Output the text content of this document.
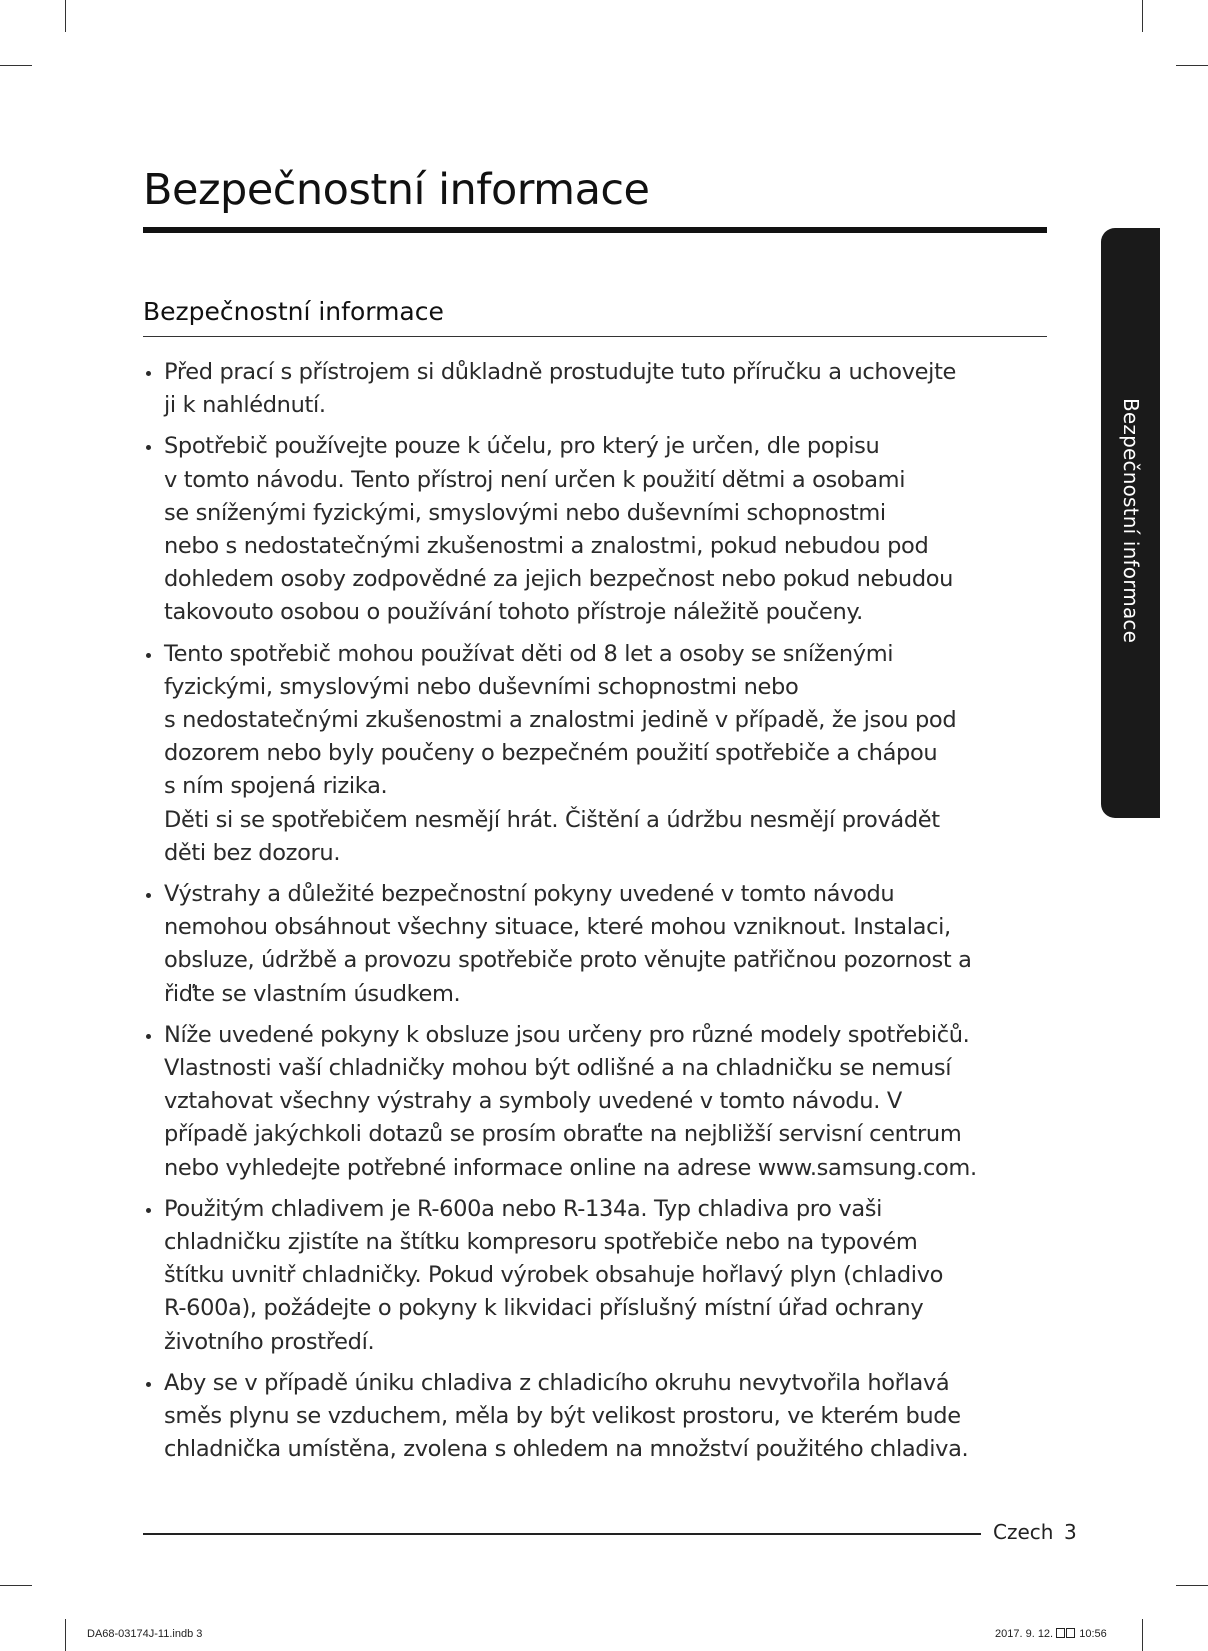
Bezpečnostní informace
Bezpečnostní informace
Před prací s přístrojem si důkladně prostudujte tuto příručku a uchovejte
ji k nahlédnutí.
Spotřebič používejte pouze k účelu, pro který je určen, dle popisu
v tomto návodu. Tento přístroj není určen k použití dětmi a osobami
se sníženými fyzickými, smyslovými nebo duševními schopnostmi
nebo s nedostatečnými zkušenostmi a znalostmi, pokud nebudou pod
dohledem osoby zodpovědné za jejich bezpečnost nebo pokud nebudou
takovouto osobou o používání tohoto přístroje náležitě poučeny.
Tento spotřebič mohou používat děti od 8 let a osoby se sníženými
fyzickými, smyslovými nebo duševními schopnostmi nebo
s nedostatečnými zkušenostmi a znalostmi jedině v případě, že jsou pod
dozorem nebo byly poučeny o bezpečném použití spotřebiče a chápou
s ním spojená rizika.
Děti si se spotřebičem nesmějí hrát. Čištění a údržbu nesmějí provádět
děti bez dozoru.
Výstrahy a důležité bezpečnostní pokyny uvedené v tomto návodu
nemohou obsáhnout všechny situace, které mohou vzniknout. Instalaci,
obsluze, údržbě a provozu spotřebiče proto věnujte patřičnou pozornost a
řiďte se vlastním úsudkem.
Níže uvedené pokyny k obsluze jsou určeny pro různé modely spotřebičů.
Vlastnosti vaší chladničky mohou být odlišné a na chladničku se nemusí
vztahovat všechny výstrahy a symboly uvedené v tomto návodu. V
případě jakýchkoli dotazů se prosím obraťte na nejbližší servisní centrum
nebo vyhledejte potřebné informace online na adrese www.samsung.com.
Použitým chladivem je R-600a nebo R-134a. Typ chladiva pro vaši
chladničku zjistíte na štítku kompresoru spotřebiče nebo na typovém
štítku uvnitř chladničky. Pokud výrobek obsahuje hořlavý plyn (chladivo
R-600a), požádejte o pokyny k likvidaci příslušný místní úřad ochrany
životního prostředí.
Aby se v případě úniku chladiva z chladicího okruhu nevytvořila hořlavá
směs plynu se vzduchem, měla by být velikost prostoru, ve kterém bude
chladnička umístěna, zvolena s ohledem na množství použitého chladiva.
Bezpečnostní informace
Czech 3
DA68-03174J-11.indb 3	2017. 9. 12. 10:56
